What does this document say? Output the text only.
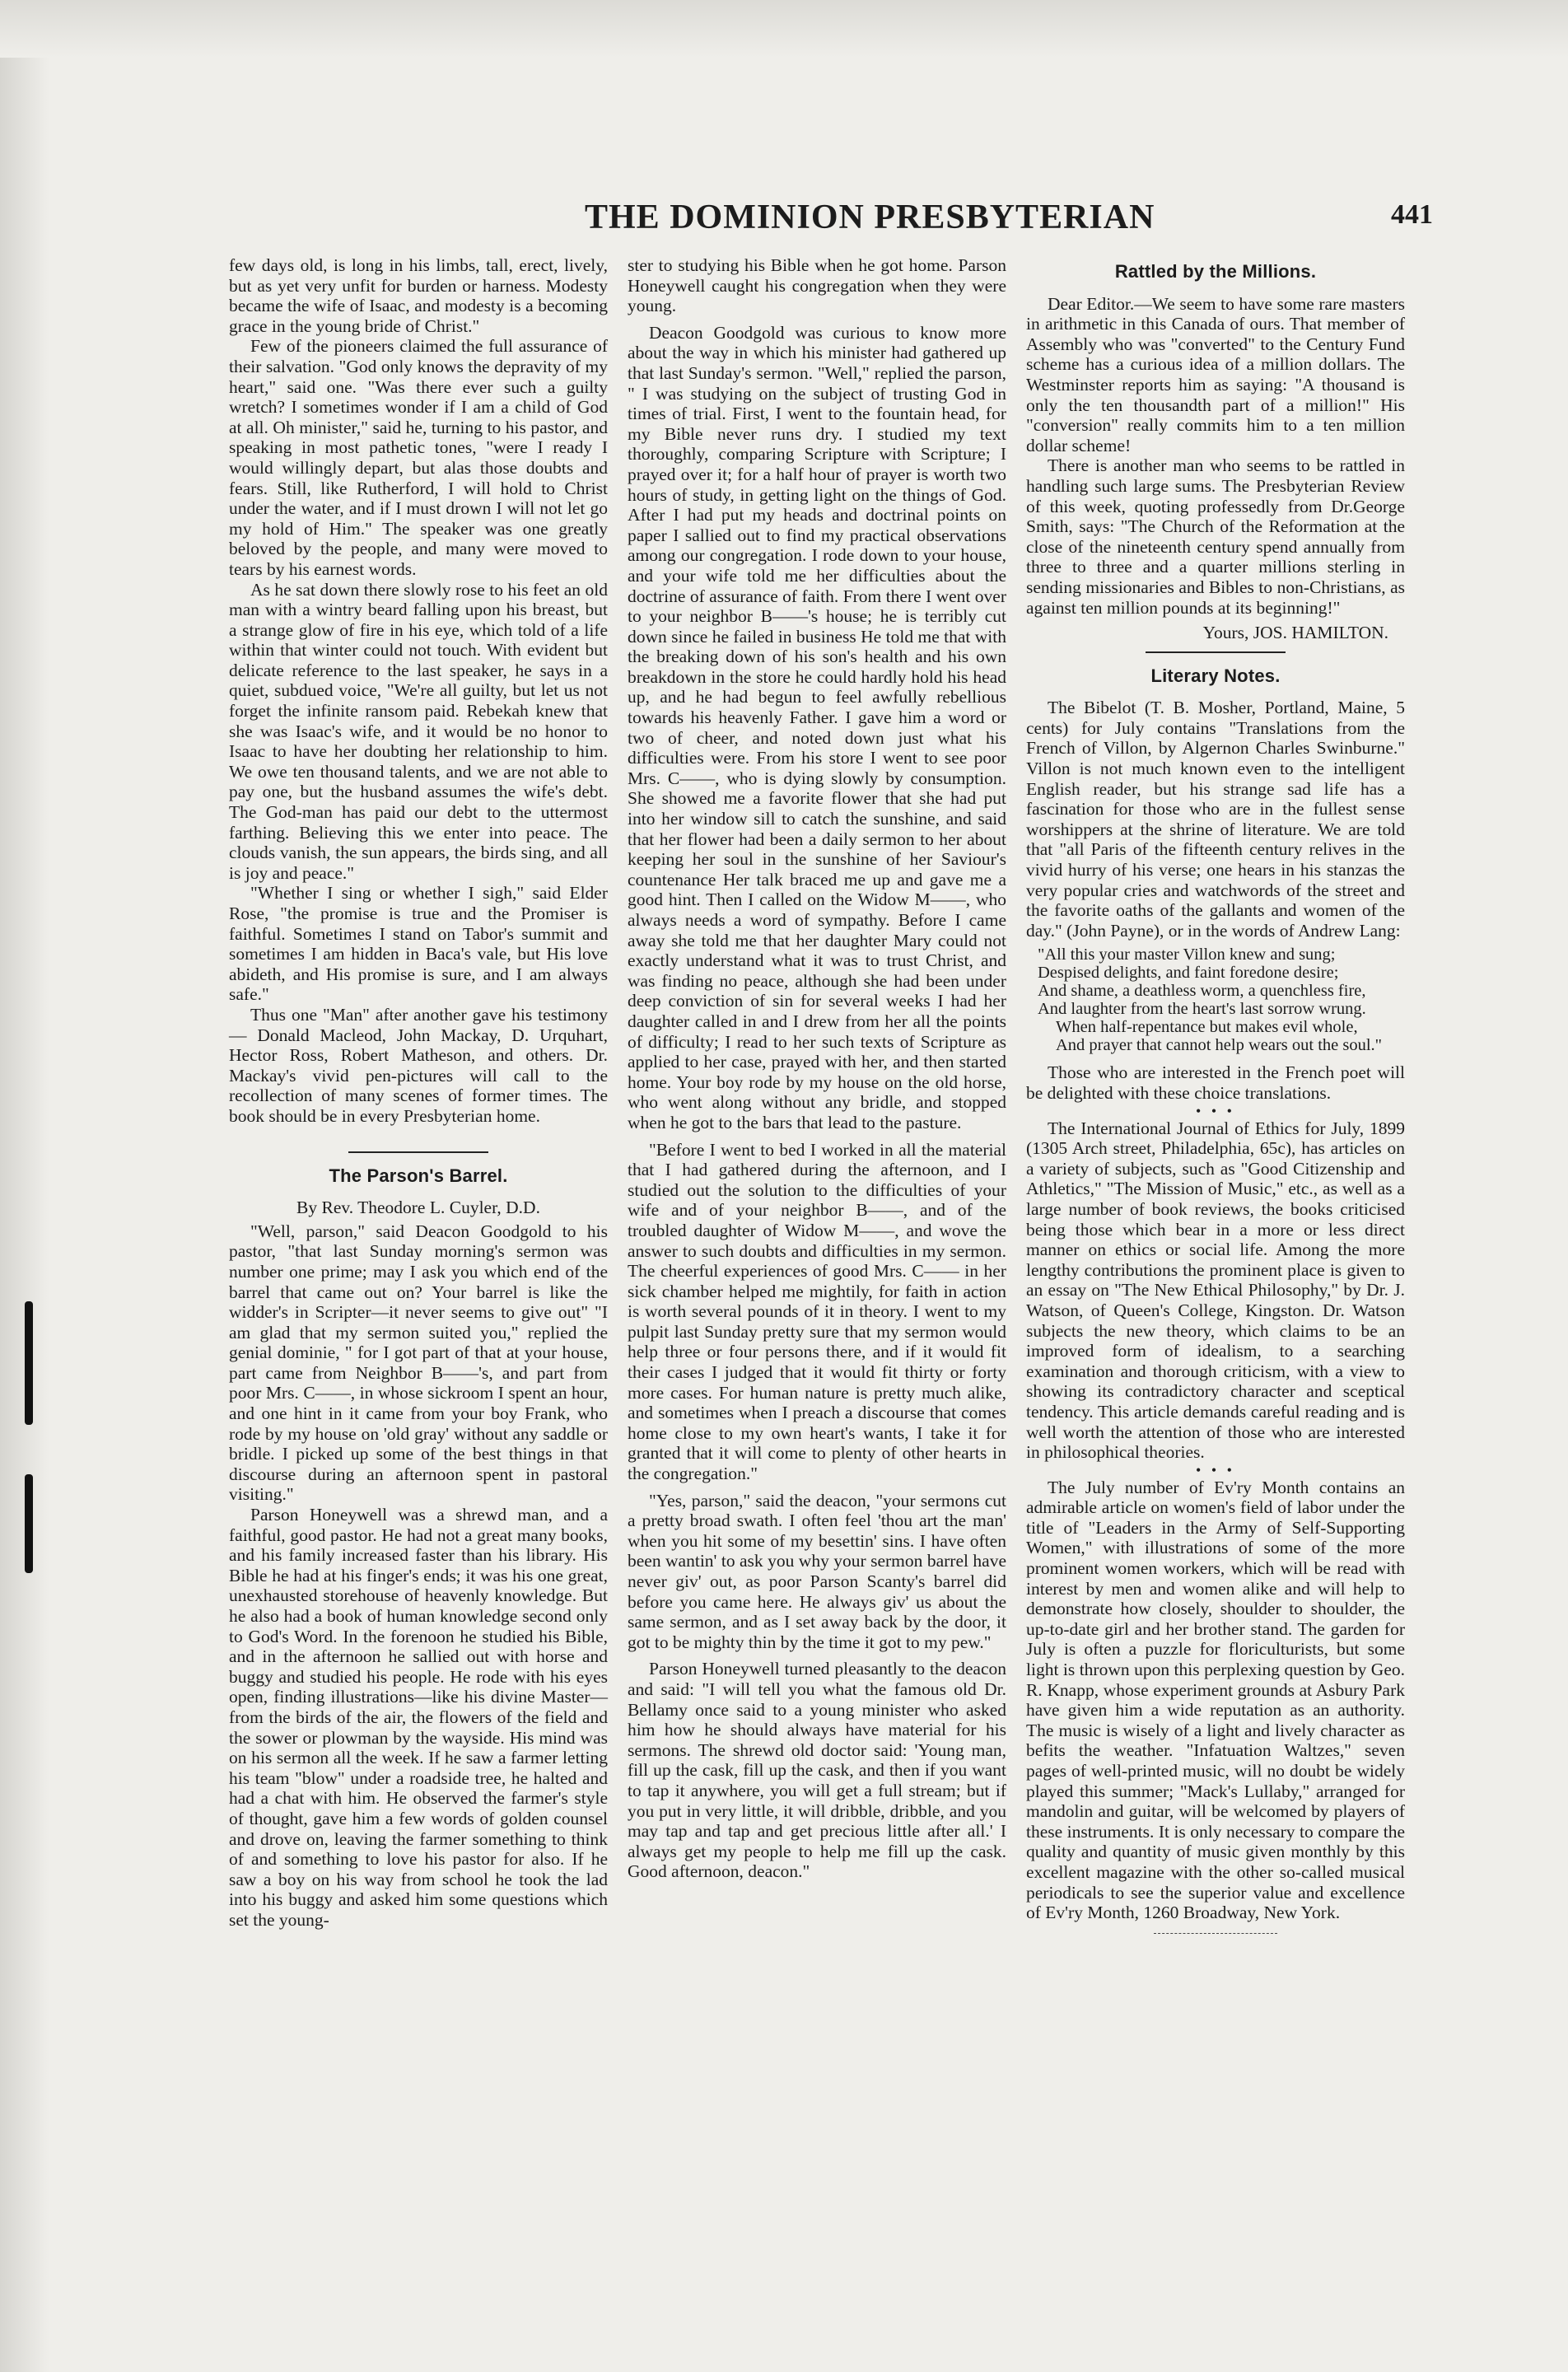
THE DOMINION PRESBYTERIAN	441

few days old, is long in his limbs, tall, erect, lively, but as yet very unfit for burden or harness. Modesty became the wife of Isaac, and modesty is a becoming grace in the young bride of Christ."

Few of the pioneers claimed the full assurance of their salvation. "God only knows the depravity of my heart," said one. "Was there ever such a guilty wretch? I sometimes wonder if I am a child of God at all. Oh minister," said he, turning to his pastor, and speaking in most pathetic tones, "were I ready I would willingly depart, but alas those doubts and fears. Still, like Rutherford, I will hold to Christ under the water, and if I must drown I will not let go my hold of Him." The speaker was one greatly beloved by the people, and many were moved to tears by his earnest words.

As he sat down there slowly rose to his feet an old man with a wintry beard falling upon his breast, but a strange glow of fire in his eye, which told of a life within that winter could not touch. With evident but delicate reference to the last speaker, he says in a quiet, subdued voice, "We're all guilty, but let us not forget the infinite ransom paid. Rebekah knew that she was Isaac's wife, and it would be no honor to Isaac to have her doubting her relationship to him. We owe ten thousand talents, and we are not able to pay one, but the husband assumes the wife's debt. The God-man has paid our debt to the uttermost farthing. Believing this we enter into peace. The clouds vanish, the sun appears, the birds sing, and all is joy and peace."

"Whether I sing or whether I sigh," said Elder Rose, "the promise is true and the Promiser is faithful. Sometimes I stand on Tabor's summit and sometimes I am hidden in Baca's vale, but His love abideth, and His promise is sure, and I am always safe."

Thus one "Man" after another gave his testimony — Donald Macleod, John Mackay, D. Urquhart, Hector Ross, Robert Matheson, and others. Dr. Mackay's vivid pen-pictures will call to the recollection of many scenes of former times. The book should be in every Presbyterian home.

The Parson's Barrel.
By Rev. Theodore L. Cuyler, D.D.

"Well, parson," said Deacon Goodgold to his pastor, "that last Sunday morning's sermon was number one prime; may I ask you which end of the barrel that came out on? Your barrel is like the widder's in Scripter—it never seems to give out" "I am glad that my sermon suited you," replied the genial dominie, " for I got part of that at your house, part came from Neighbor B——'s, and part from poor Mrs. C——, in whose sickroom I spent an hour, and one hint in it came from your boy Frank, who rode by my house on 'old gray' without any saddle or bridle. I picked up some of the best things in that discourse during an afternoon spent in pastoral visiting."

Parson Honeywell was a shrewd man, and a faithful, good pastor. He had not a great many books, and his family increased faster than his library. His Bible he had at his finger's ends; it was his one great, unexhausted storehouse of heavenly knowledge. But he also had a book of human knowledge second only to God's Word. In the forenoon he studied his Bible, and in the afternoon he sallied out with horse and buggy and studied his people. He rode with his eyes open, finding illustrations—like his divine Master—from the birds of the air, the flowers of the field and the sower or plowman by the wayside. His mind was on his sermon all the week. If he saw a farmer letting his team "blow" under a roadside tree, he halted and had a chat with him. He observed the farmer's style of thought, gave him a few words of golden counsel and drove on, leaving the farmer something to think of and something to love his pastor for also. If he saw a boy on his way from school he took the lad into his buggy and asked him some questions which set the young-

ster to studying his Bible when he got home. Parson Honeywell caught his congregation when they were young.

Deacon Goodgold was curious to know more about the way in which his minister had gathered up that last Sunday's sermon. "Well," replied the parson, " I was studying on the subject of trusting God in times of trial. First, I went to the fountain head, for my Bible never runs dry. I studied my text thoroughly, comparing Scripture with Scripture; I prayed over it; for a half hour of prayer is worth two hours of study, in getting light on the things of God. After I had put my heads and doctrinal points on paper I sallied out to find my practical observations among our congregation. I rode down to your house, and your wife told me her difficulties about the doctrine of assurance of faith. From there I went over to your neighbor B——'s house; he is terribly cut down since he failed in business He told me that with the breaking down of his son's health and his own breakdown in the store he could hardly hold his head up, and he had begun to feel awfully rebellious towards his heavenly Father. I gave him a word or two of cheer, and noted down just what his difficulties were. From his store I went to see poor Mrs. C——, who is dying slowly by consumption. She showed me a favorite flower that she had put into her window sill to catch the sunshine, and said that her flower had been a daily sermon to her about keeping her soul in the sunshine of her Saviour's countenance Her talk braced me up and gave me a good hint. Then I called on the Widow M——, who always needs a word of sympathy. Before I came away she told me that her daughter Mary could not exactly understand what it was to trust Christ, and was finding no peace, although she had been under deep conviction of sin for several weeks I had her daughter called in and I drew from her all the points of difficulty; I read to her such texts of Scripture as applied to her case, prayed with her, and then started home. Your boy rode by my house on the old horse, who went along without any bridle, and stopped when he got to the bars that lead to the pasture.

"Before I went to bed I worked in all the material that I had gathered during the afternoon, and I studied out the solution to the difficulties of your wife and of your neighbor B——, and of the troubled daughter of Widow M——, and wove the answer to such doubts and difficulties in my sermon. The cheerful experiences of good Mrs. C—— in her sick chamber helped me mightily, for faith in action is worth several pounds of it in theory. I went to my pulpit last Sunday pretty sure that my sermon would help three or four persons there, and if it would fit their cases I judged that it would fit thirty or forty more cases. For human nature is pretty much alike, and sometimes when I preach a discourse that comes home close to my own heart's wants, I take it for granted that it will come to plenty of other hearts in the congregation."

"Yes, parson," said the deacon, "your sermons cut a pretty broad swath. I often feel 'thou art the man' when you hit some of my besettin' sins. I have often been wantin' to ask you why your sermon barrel have never giv' out, as poor Parson Scanty's barrel did before you came here. He always giv' us about the same sermon, and as I set away back by the door, it got to be mighty thin by the time it got to my pew."

Parson Honeywell turned pleasantly to the deacon and said: "I will tell you what the famous old Dr. Bellamy once said to a young minister who asked him how he should always have material for his sermons. The shrewd old doctor said: 'Young man, fill up the cask, fill up the cask, and then if you want to tap it anywhere, you will get a full stream; but if you put in very little, it will dribble, dribble, and you may tap and tap and get precious little after all.' I always get my people to help me fill up the cask. Good afternoon, deacon."

Rattled by the Millions.

Dear Editor.—We seem to have some rare masters in arithmetic in this Canada of ours. That member of Assembly who was "converted" to the Century Fund scheme has a curious idea of a million dollars. The Westminster reports him as saying: "A thousand is only the ten thousandth part of a million!" His "conversion" really commits him to a ten million dollar scheme!

There is another man who seems to be rattled in handling such large sums. The Presbyterian Review of this week, quoting professedly from Dr.George Smith, says: "The Church of the Reformation at the close of the nineteenth century spend annually from three to three and a quarter millions sterling in sending missionaries and Bibles to non-Christians, as against ten million pounds at its beginning!"

Yours, JOS. HAMILTON.
Literary Notes.

The Bibelot (T. B. Mosher, Portland, Maine, 5 cents) for July contains "Translations from the French of Villon, by Algernon Charles Swinburne." Villon is not much known even to the intelligent English reader, but his strange sad life has a fascination for those who are in the fullest sense worshippers at the shrine of literature. We are told that "all Paris of the fifteenth century relives in the vivid hurry of his verse; one hears in his stanzas the very popular cries and watchwords of the street and the favorite oaths of the gallants and women of the day." (John Payne), or in the words of Andrew Lang:

"All this your master Villon knew and sung;
Despised delights, and faint foredone desire;
And shame, a deathless worm, a quenchless fire,
And laughter from the heart's last sorrow wrung.
When half-repentance but makes evil whole,
And prayer that cannot help wears out the soul."

Those who are interested in the French poet will be delighted with these choice translations.

• • •

The International Journal of Ethics for July, 1899 (1305 Arch street, Philadelphia, 65c), has articles on a variety of subjects, such as "Good Citizenship and Athletics," "The Mission of Music," etc., as well as a large number of book reviews, the books criticised being those which bear in a more or less direct manner on ethics or social life. Among the more lengthy contributions the prominent place is given to an essay on "The New Ethical Philosophy," by Dr. J. Watson, of Queen's College, Kingston. Dr. Watson subjects the new theory, which claims to be an improved form of idealism, to a searching examination and thorough criticism, with a view to showing its contradictory character and sceptical tendency. This article demands careful reading and is well worth the attention of those who are interested in philosophical theories.

• • •

The July number of Ev'ry Month contains an admirable article on women's field of labor under the title of "Leaders in the Army of Self-Supporting Women," with illustrations of some of the more prominent women workers, which will be read with interest by men and women alike and will help to demonstrate how closely, shoulder to shoulder, the up-to-date girl and her brother stand. The garden for July is often a puzzle for floriculturists, but some light is thrown upon this perplexing question by Geo. R. Knapp, whose experiment grounds at Asbury Park have given him a wide reputation as an authority. The music is wisely of a light and lively character as befits the weather. "Infatuation Waltzes," seven pages of well-printed music, will no doubt be widely played this summer; "Mack's Lullaby," arranged for mandolin and guitar, will be welcomed by players of these instruments. It is only necessary to compare the quality and quantity of music given monthly by this excellent magazine with the other so-called musical periodicals to see the superior value and excellence of Ev'ry Month, 1260 Broadway, New York.
